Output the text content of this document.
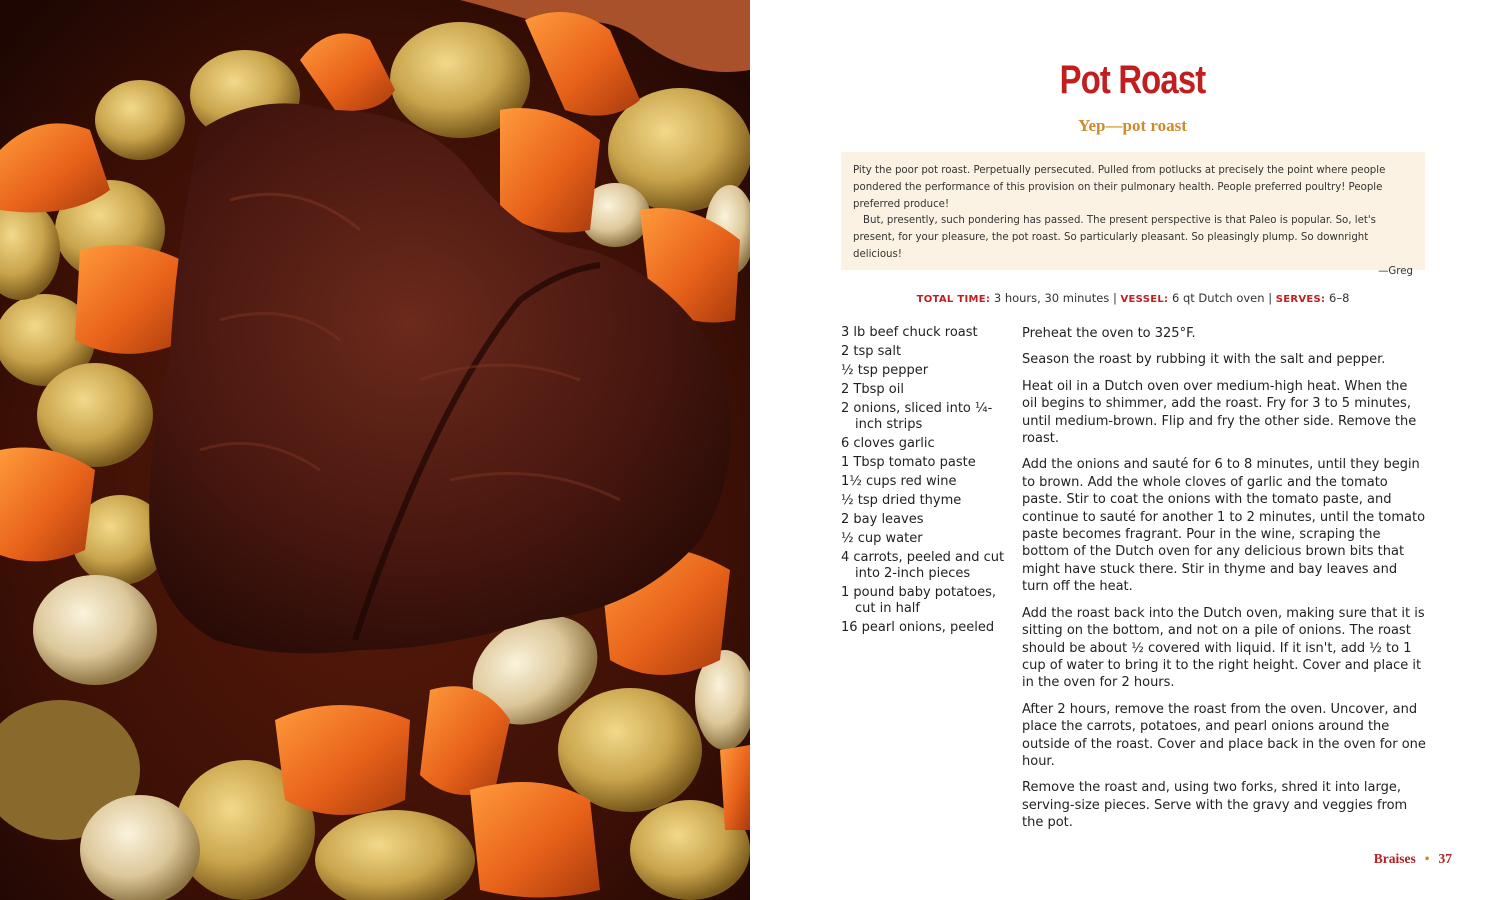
Pot Roast
Yep—pot roast

Pity the poor pot roast. Perpetually persecuted. Pulled from potlucks at precisely the point where people pondered the performance of this provision on their pulmonary health. People preferred poultry! People preferred produce!

But, presently, such pondering has passed. The present perspective is that Paleo is popular. So, let's present, for your pleasure, the pot roast. So particularly pleasant. So pleasingly plump. So downright delicious!

—Greg

TOTAL TIME: 3 hours, 30 minutes | VESSEL: 6 qt Dutch oven | SERVES: 6–8
3 lb beef chuck roast
2 tsp salt
½ tsp pepper
2 Tbsp oil
2 onions, sliced into ¼-inch strips
6 cloves garlic
1 Tbsp tomato paste
1½ cups red wine
½ tsp dried thyme
2 bay leaves
½ cup water
4 carrots, peeled and cut into 2-inch pieces
1 pound baby potatoes, cut in half
16 pearl onions, peeled

Preheat the oven to 325°F.

Season the roast by rubbing it with the salt and pepper.

Heat oil in a Dutch oven over medium-high heat. When the oil begins to shimmer, add the roast. Fry for 3 to 5 minutes, until medium-brown. Flip and fry the other side. Remove the roast.

Add the onions and sauté for 6 to 8 minutes, until they begin to brown. Add the whole cloves of garlic and the tomato paste. Stir to coat the onions with the tomato paste, and continue to sauté for another 1 to 2 minutes, until the tomato paste becomes fragrant. Pour in the wine, scraping the bottom of the Dutch oven for any delicious brown bits that might have stuck there. Stir in thyme and bay leaves and turn off the heat.

Add the roast back into the Dutch oven, making sure that it is sitting on the bottom, and not on a pile of onions. The roast should be about ½ covered with liquid. If it isn't, add ½ to 1 cup of water to bring it to the right height. Cover and place it in the oven for 2 hours.

After 2 hours, remove the roast from the oven. Uncover, and place the carrots, potatoes, and pearl onions around the outside of the roast. Cover and place back in the oven for one hour.

Remove the roast and, using two forks, shred it into large, serving-size pieces. Serve with the gravy and veggies from the pot.

Braises • 37
